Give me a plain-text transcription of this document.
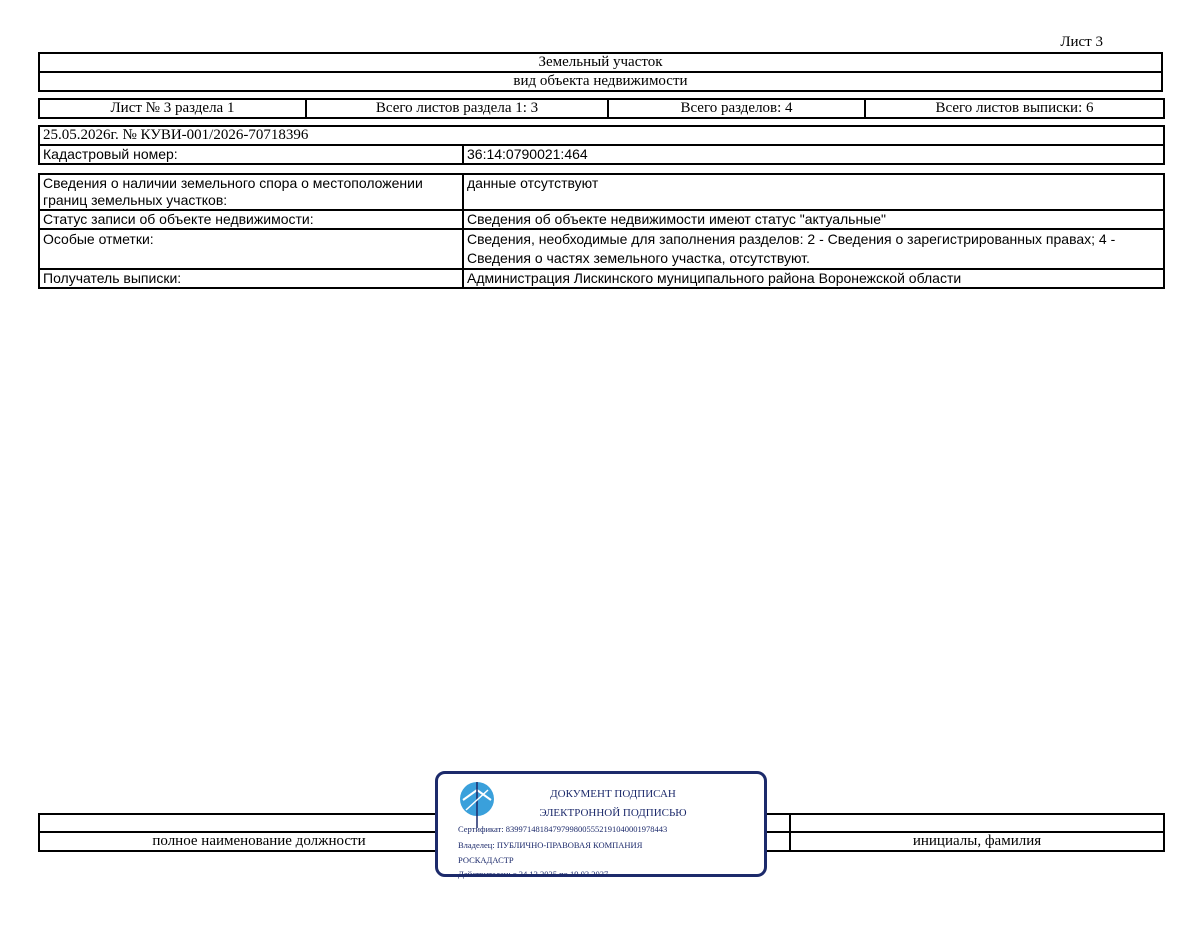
Лист 3
Земельный участок
вид объекта недвижимости
Лист № 3 раздела 1	Всего листов раздела 1: 3	Всего разделов: 4	Всего листов выписки: 6
25.05.2026г. № КУВИ-001/2026-70718396
Кадастровый номер:	36:14:0790021:464
Сведения о наличии земельного спора о местоположении границ земельных участков:	данные отсутствуют
Статус записи об объекте недвижимости:	Сведения об объекте недвижимости имеют статус "актуальные"
Особые отметки:	Сведения, необходимые для заполнения разделов: 2 - Сведения о зарегистрированных правах; 4 - Сведения о частях земельного участка, отсутствуют.
Получатель выписки:	Администрация Лискинского муниципального района Воронежской области

полное наименование должности		инициалы, фамилия
ДОКУМЕНТ ПОДПИСАН
ЭЛЕКТРОННОЙ ПОДПИСЬЮ
Сертификат: 83997148184797998005552191040001978443
Владелец: ПУБЛИЧНО-ПРАВОВАЯ КОМПАНИЯ
РОСКАДАСТР
Действителен: с 24.12.2025 по 19.03.2027
